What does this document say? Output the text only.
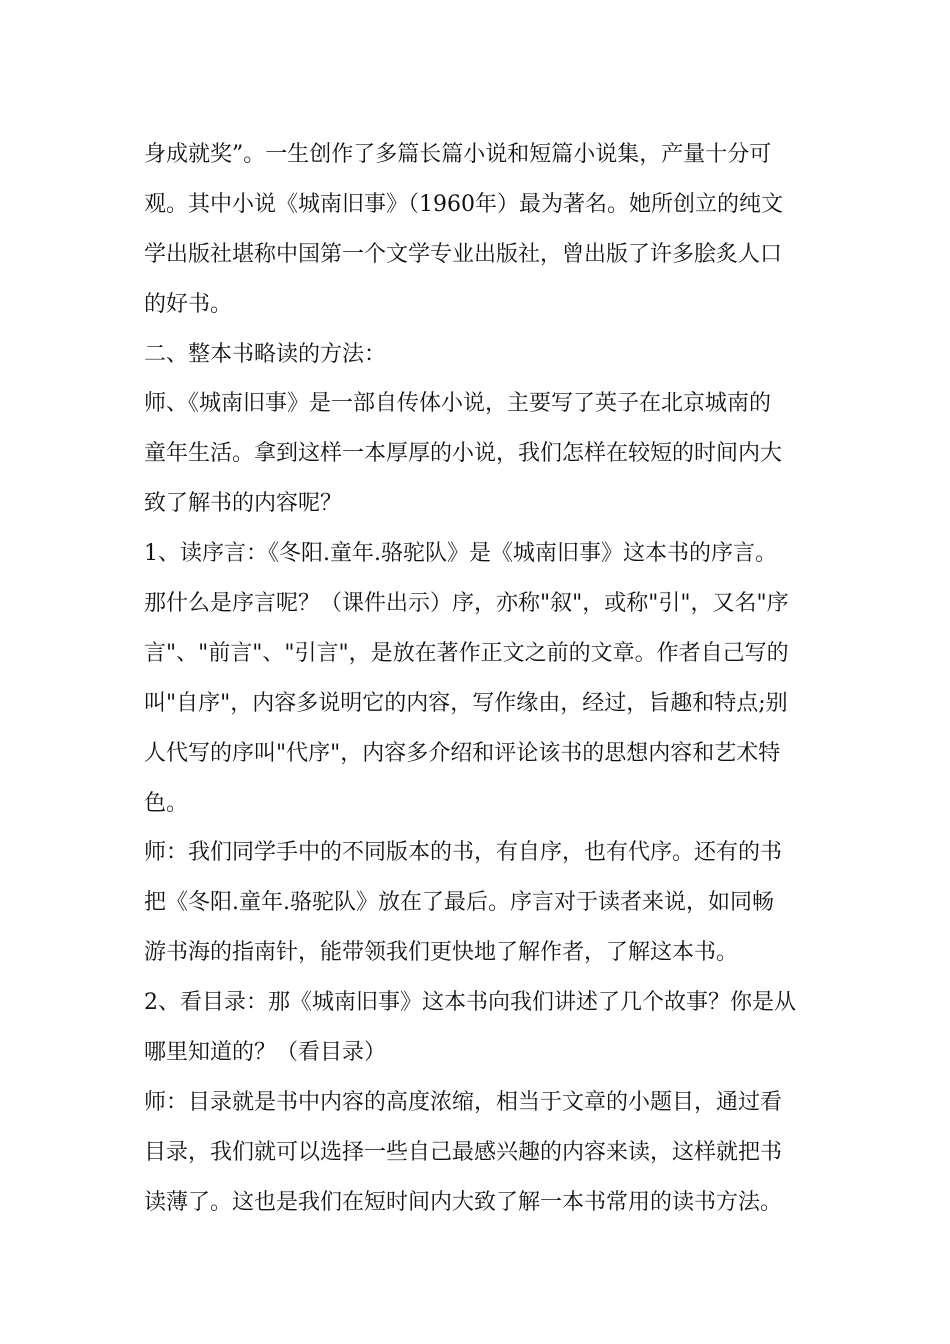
身成就奖”。一生创作了多篇长篇小说和短篇小说集，产量十分可

观。其中小说《城南旧事》（1960年）最为著名。她所创立的纯文

学出版社堪称中国第一个文学专业出版社，曾出版了许多脍炙人口

的好书。

二、整本书略读的方法：

师、《城南旧事》是一部自传体小说，主要写了英子在北京城南的

童年生活。拿到这样一本厚厚的小说，我们怎样在较短的时间内大

致了解书的内容呢？

1、读序言：《冬阳.童年.骆驼队》是《城南旧事》这本书的序言。

那什么是序言呢？（课件出示）序，亦称"叙"，或称"引"，又名"序

言"、"前言"、"引言"，是放在著作正文之前的文章。作者自己写的

叫"自序"，内容多说明它的内容，写作缘由，经过，旨趣和特点;别

人代写的序叫"代序"，内容多介绍和评论该书的思想内容和艺术特

色。

师：我们同学手中的不同版本的书，有自序，也有代序。还有的书

把《冬阳.童年.骆驼队》放在了最后。序言对于读者来说，如同畅

游书海的指南针，能带领我们更快地了解作者，了解这本书。

2、看目录：那《城南旧事》这本书向我们讲述了几个故事？你是从

哪里知道的？（看目录）

师：目录就是书中内容的高度浓缩，相当于文章的小题目，通过看

目录，我们就可以选择一些自己最感兴趣的内容来读，这样就把书

读薄了。这也是我们在短时间内大致了解一本书常用的读书方法。
